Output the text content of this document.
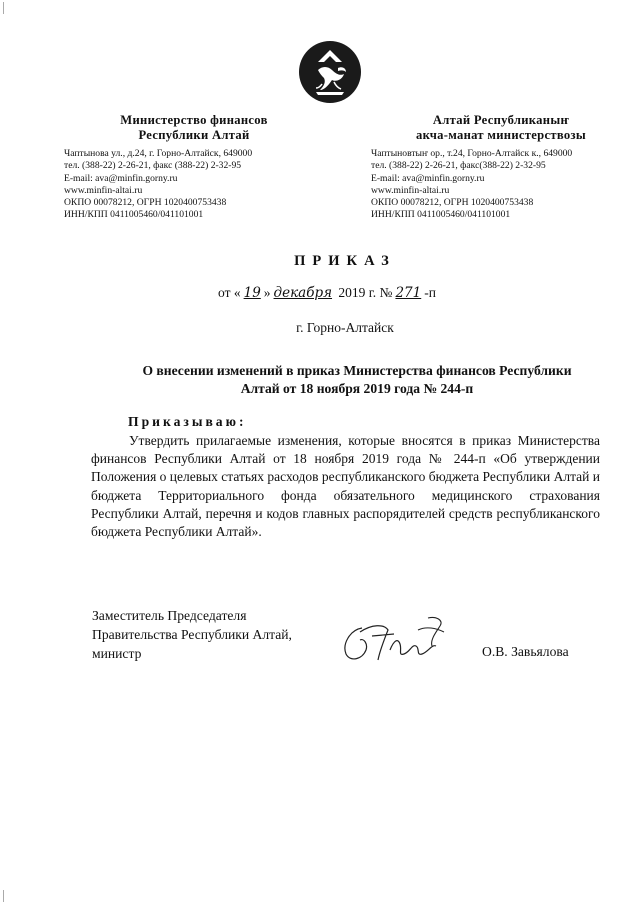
Министерство финансов
Республики Алтай
Чаптынова ул., д.24, г. Горно-Алтайск, 649000
тел. (388-22) 2-26-21, факс (388-22) 2-32-95
E-mail: ava@minfin.gorny.ru
www.minfin-altai.ru
ОКПО 00078212, ОГРН 1020400753438
ИНН/КПП 0411005460/041101001
Алтай Республиканыҥ
акча-манат министерствозы
Чаптыновтыҥ ор., т.24, Горно-Алтайск к., 649000
тел. (388-22) 2-26-21, факс(388-22) 2-32-95
E-mail: ava@minfin.gorny.ru
www.minfin-altai.ru
ОКПО 00078212, ОГРН 1020400753438
ИНН/КПП 0411005460/041101001
ПРИКАЗ
от « 19 » декабря 2019 г. № 271 -п
г. Горно-Алтайск
О внесении изменений в приказ Министерства финансов Республики
Алтай от 18 ноября 2019 года № 244-п
Приказываю:
Утвердить прилагаемые изменения, которые вносятся в приказ Министерства финансов Республики Алтай от 18 ноября 2019 года № 244-п «Об утверждении Положения о целевых статьях расходов республиканского бюджета Республики Алтай и бюджета Территориального фонда обязательного медицинского страхования Республики Алтай, перечня и кодов главных распорядителей средств республиканского бюджета Республики Алтай».
Заместитель Председателя
Правительства Республики Алтай,
министр	О.В. Завьялова
